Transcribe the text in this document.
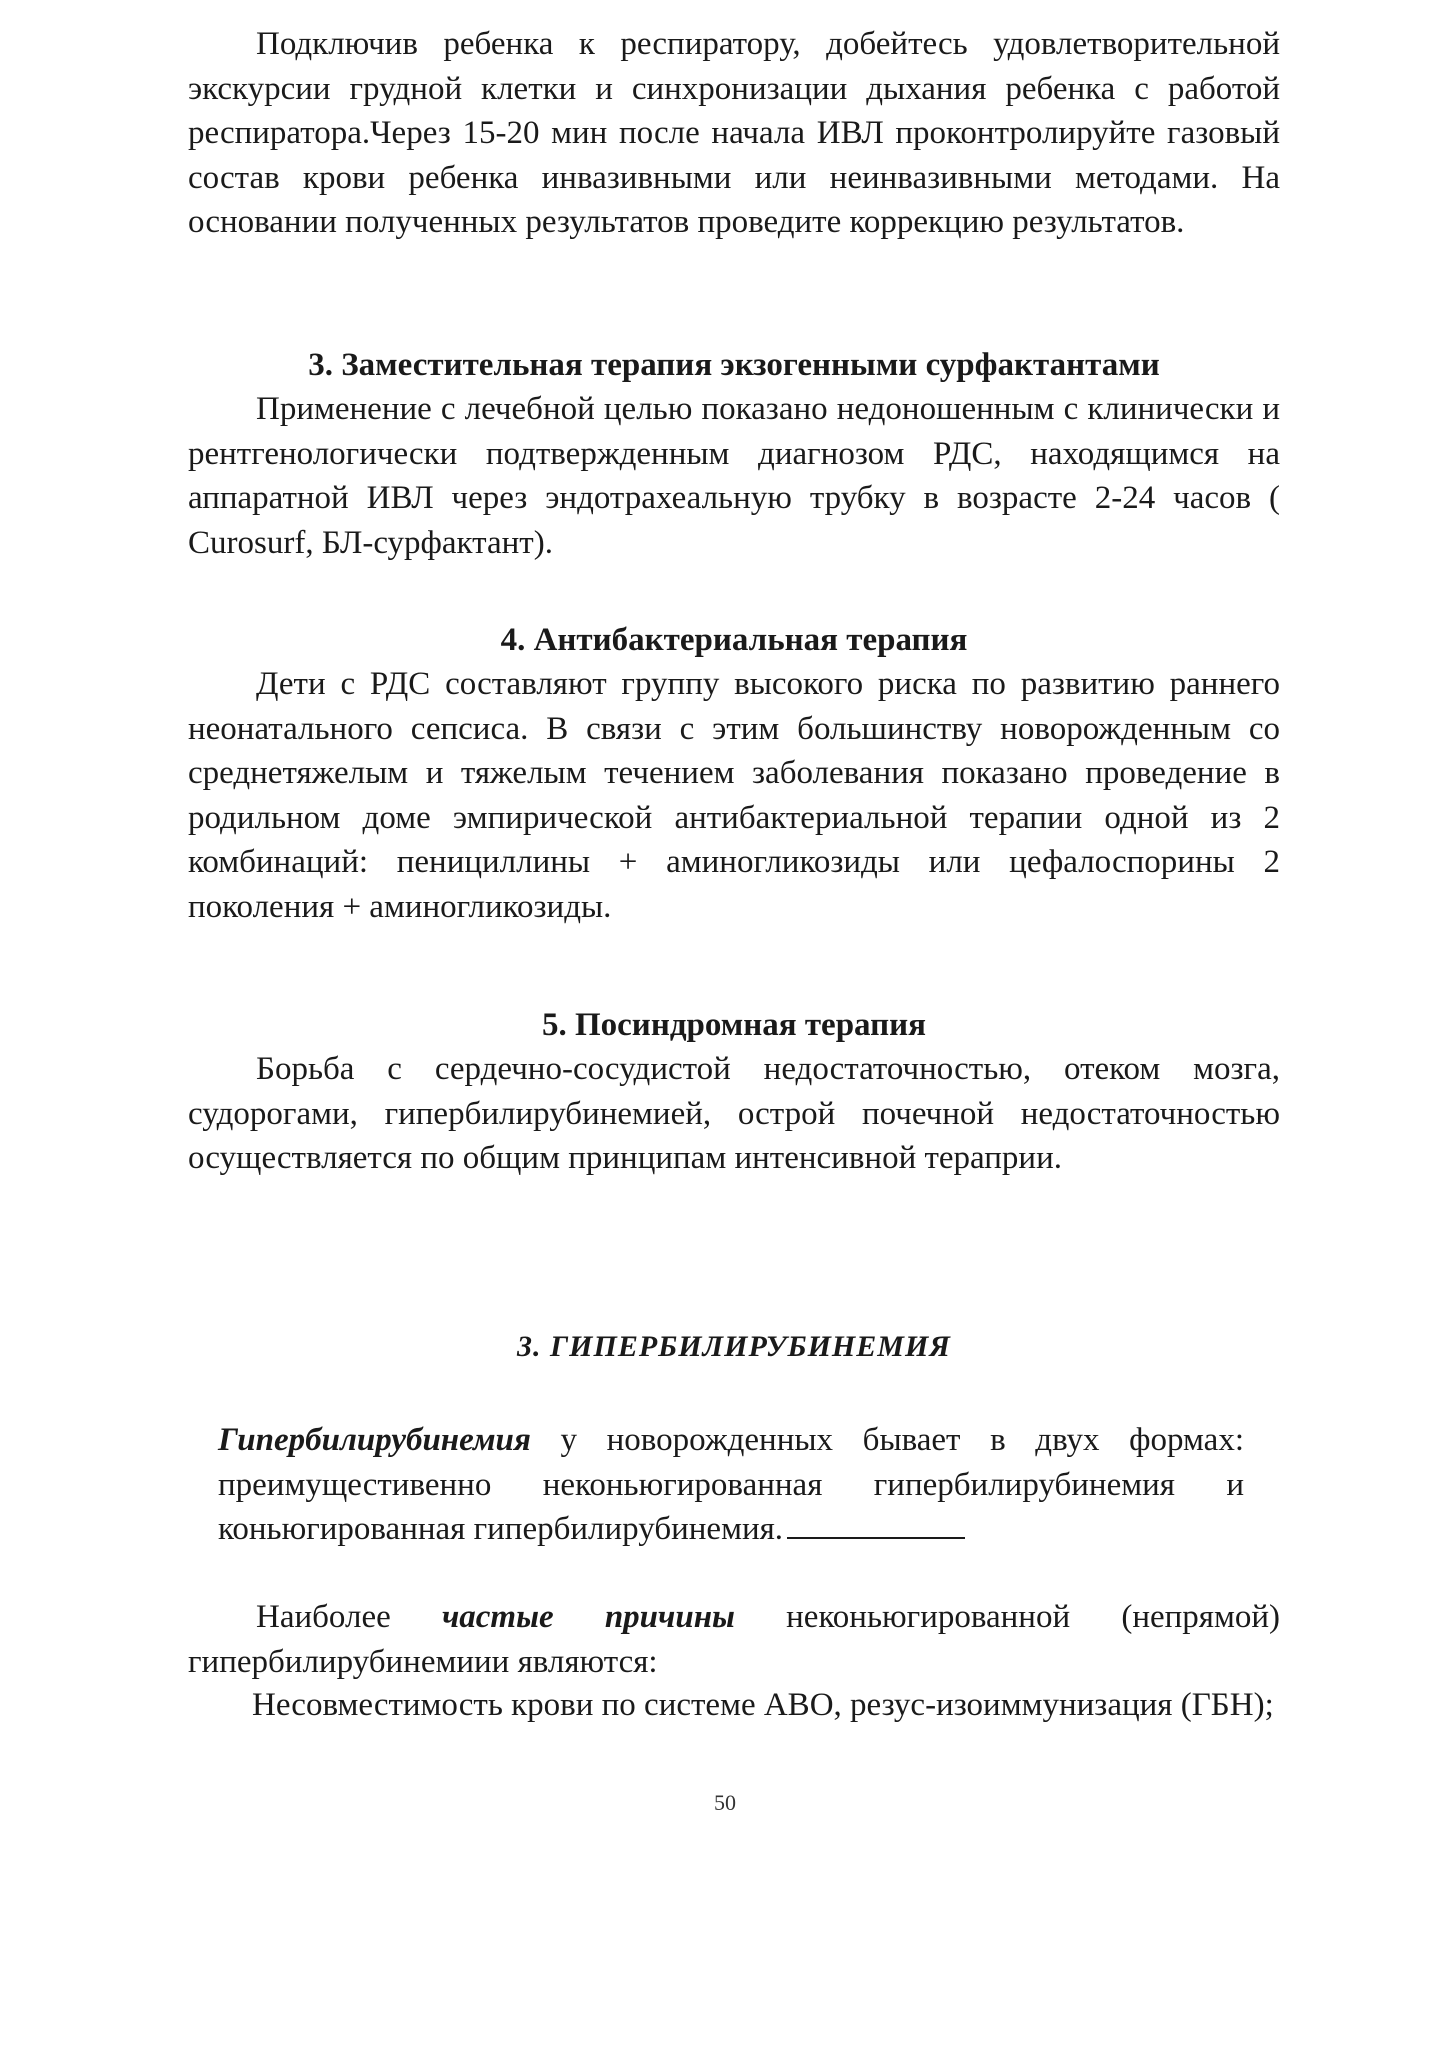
Подключив ребенка к респиратору, добейтесь удовлетворительной экскурсии грудной клетки и синхронизации дыхания ребенка с работой респиратора.Через 15-20 мин после начала ИВЛ проконтролируйте газовый состав крови ребенка инвазивными или неинвазивными методами. На основании полученных результатов проведите коррекцию результатов.

3. Заместительная терапия экзогенными сурфактантами

Применение с лечебной целью показано недоношенным с клинически и рентгенологически подтвержденным диагнозом РДС, находящимся на аппаратной ИВЛ через эндотрахеальную трубку в возрасте 2-24 часов ( Curosurf, БЛ-сурфактант).

4. Антибактериальная терапия

Дети с РДС составляют группу высокого риска по развитию раннего неонатального сепсиса. В связи с этим большинству новорожденным со среднетяжелым и тяжелым течением заболевания показано проведение в родильном доме эмпирической антибактериальной терапии одной из 2 комбинаций: пенициллины + аминогликозиды или цефалоспорины 2 поколения + аминогликозиды.

5. Посиндромная терапия

Борьба с сердечно-сосудистой недостаточностью, отеком мозга, судорогами, гипербилирубинемией, острой почечной недостаточностью осуществляется по общим принципам интенсивной тераприи.

3. ГИПЕРБИЛИРУБИНЕМИЯ

Гипербилирубинемия у новорожденных бывает в двух формах: преимущестивенно неконьюгированная гипербилирубинемия и коньюгированная гипербилирубинемия.

Наиболее частые причины неконьюгированной (непрямой) гипербилирубинемиии являются:

Несовместимость крови по системе АВО, резус-изоиммунизация (ГБН);

50
